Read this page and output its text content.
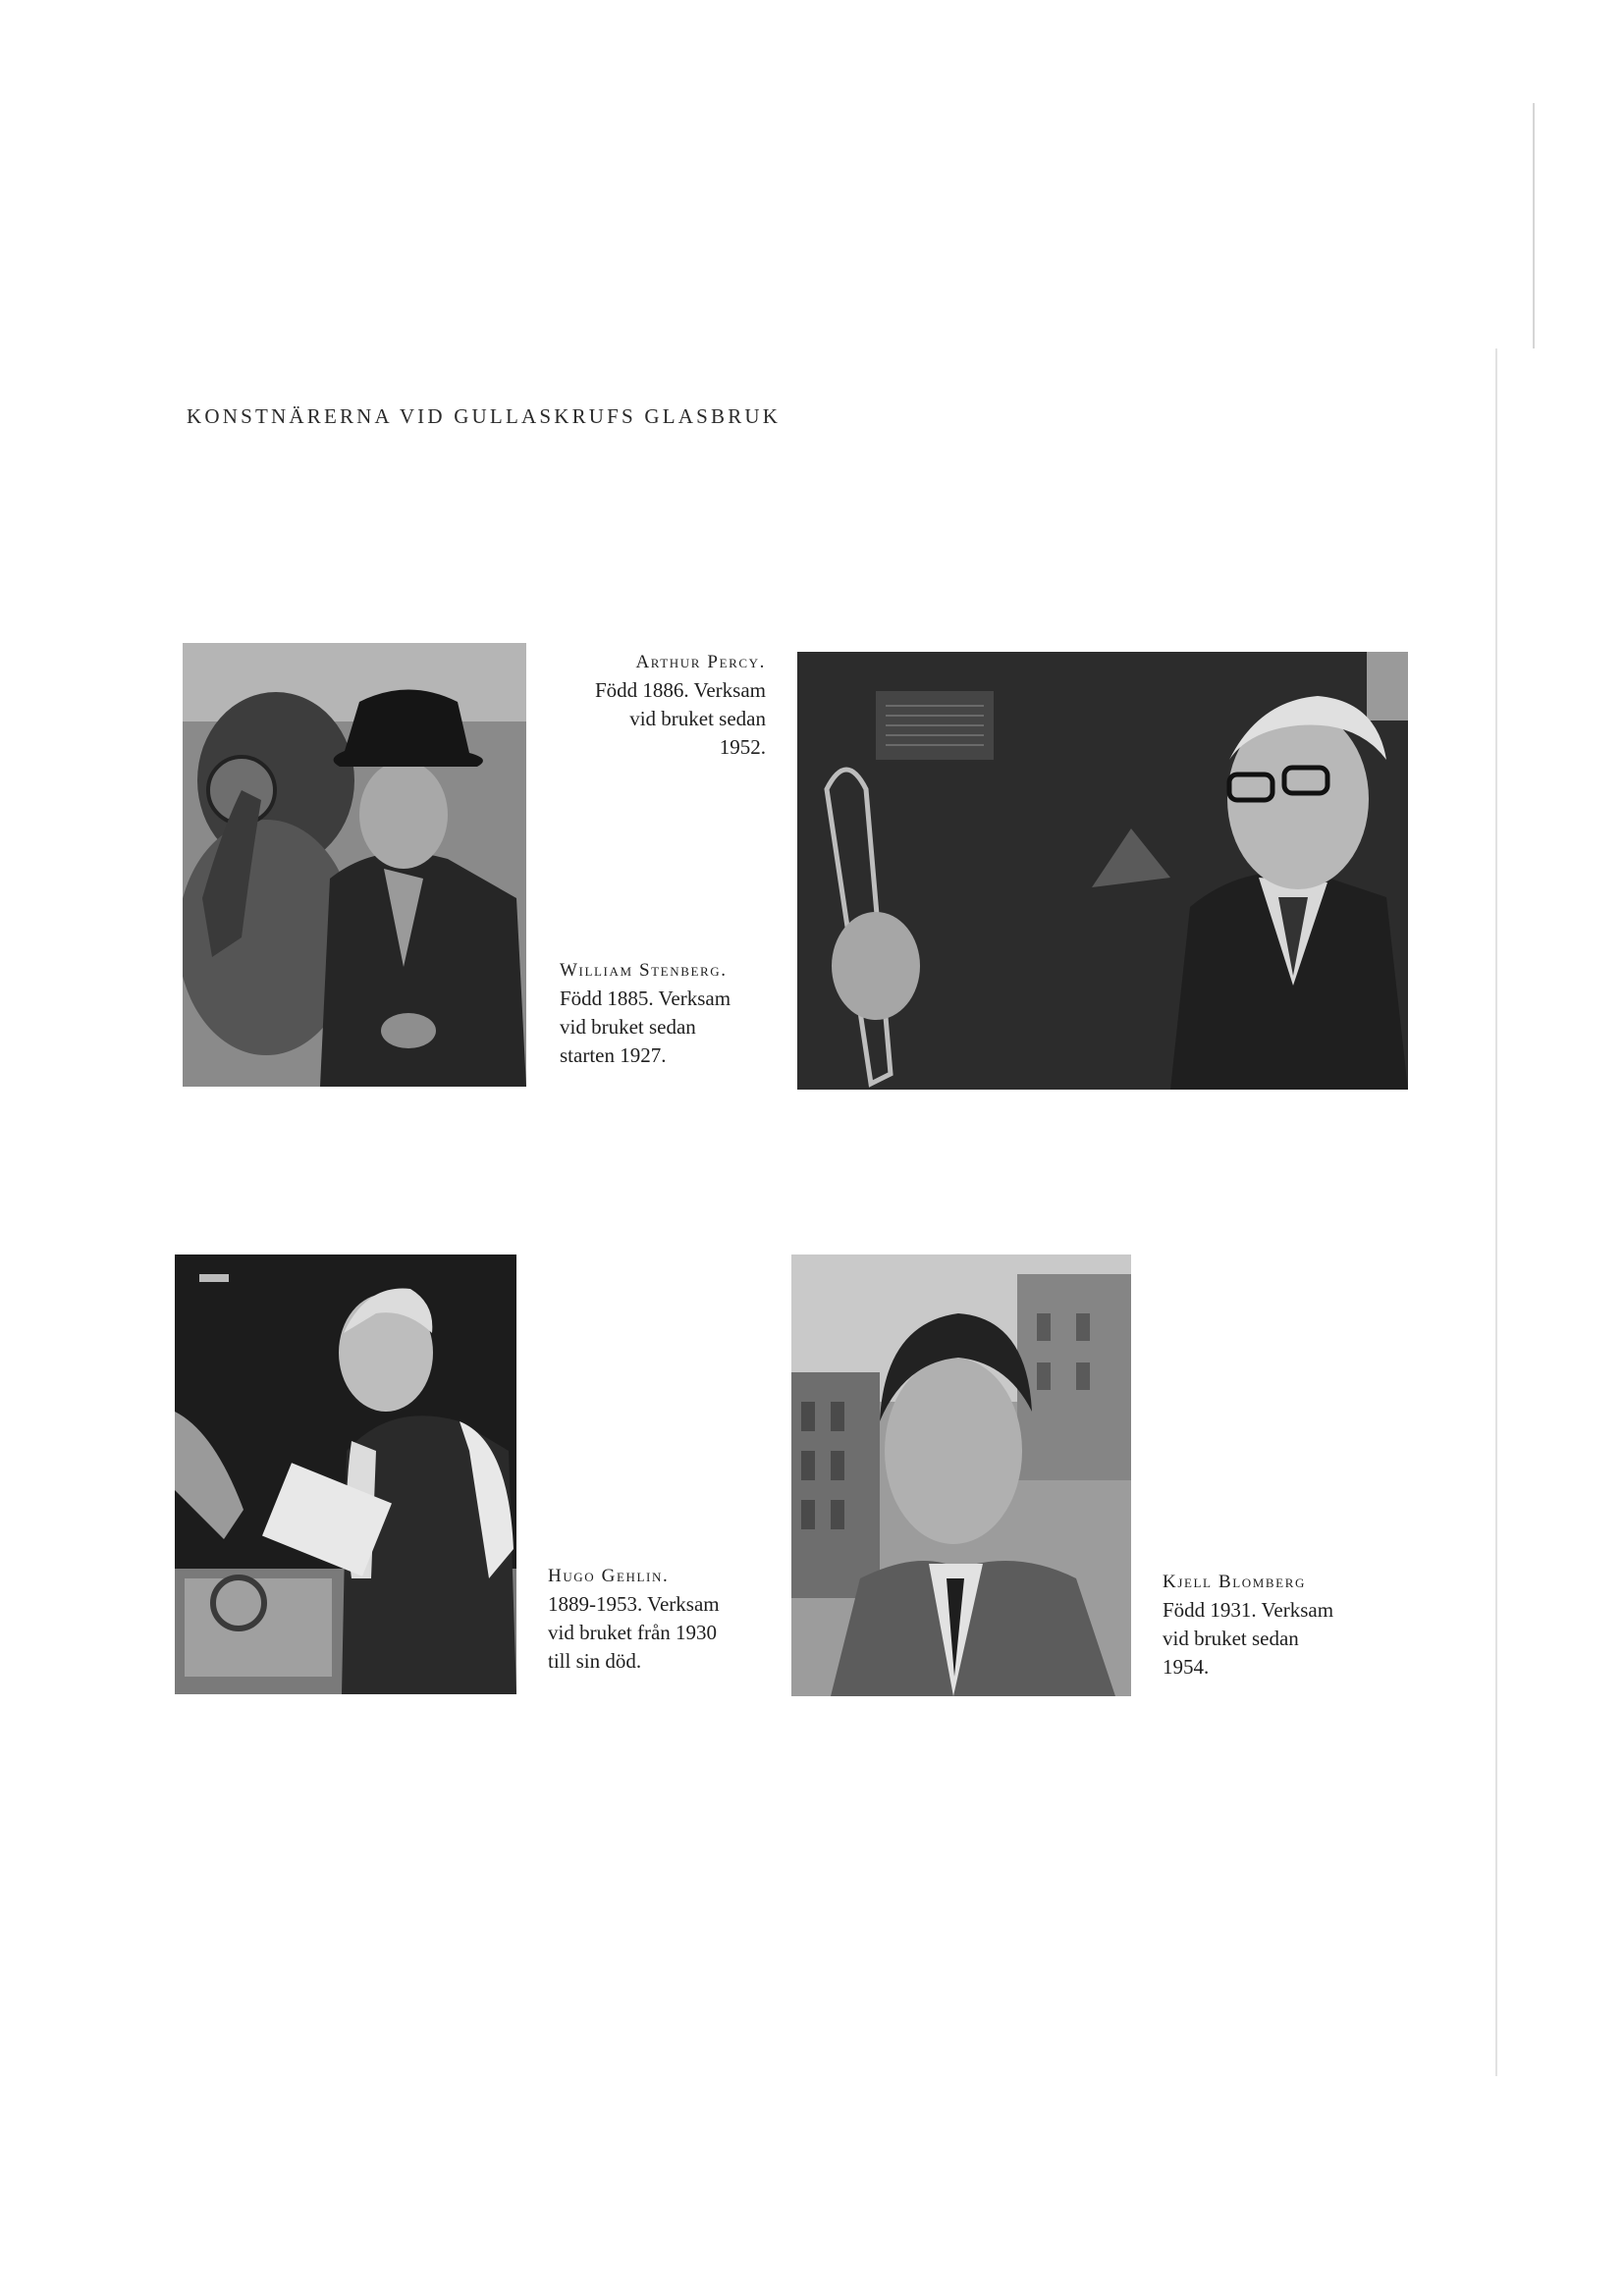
KONSTNÄRERNA VID GULLASKRUFS GLASBRUK
Arthur Percy.
Född 1886. Verksam
vid bruket sedan
1952.
William Stenberg.
Född 1885. Verksam
vid bruket sedan
starten 1927.
Hugo Gehlin.
1889-1953. Verksam
vid bruket från 1930
till sin död.
Kjell Blomberg
Född 1931. Verksam
vid bruket sedan
1954.
